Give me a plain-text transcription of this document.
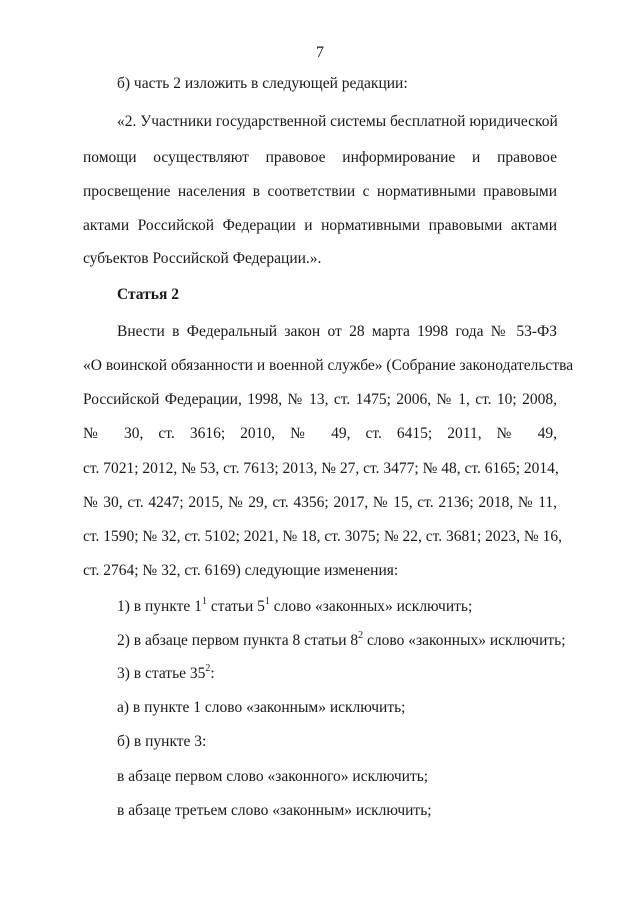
7
б) часть 2 изложить в следующей редакции:
«2. Участники государственной системы бесплатной юридической
помощи осуществляют правовое информирование и правовое
просвещение населения в соответствии с нормативными правовыми
актами Российской Федерации и нормативными правовыми актами
субъектов Российской Федерации.».
Статья 2
Внести в Федеральный закон от 28 марта 1998 года № 53-ФЗ
«О воинской обязанности и военной службе» (Собрание законодательства
Российской Федерации, 1998, № 13, ст. 1475; 2006, № 1, ст. 10; 2008,
№ 30, ст. 3616; 2010, № 49, ст. 6415; 2011, № 49,
ст. 7021; 2012, № 53, ст. 7613; 2013, № 27, ст. 3477; № 48, ст. 6165; 2014,
№ 30, ст. 4247; 2015, № 29, ст. 4356; 2017, № 15, ст. 2136; 2018, № 11,
ст. 1590; № 32, ст. 5102; 2021, № 18, ст. 3075; № 22, ст. 3681; 2023, № 16,
ст. 2764; № 32, ст. 6169) следующие изменения:
1) в пункте $1^1$ статьи $5^1$ слово «законных» исключить;
2) в абзаце первом пункта 8 статьи $8^2$ слово «законных» исключить;
3) в статье $35^2$:
а) в пункте 1 слово «законным» исключить;
б) в пункте 3:
в абзаце первом слово «законного» исключить;
в абзаце третьем слово «законным» исключить;
